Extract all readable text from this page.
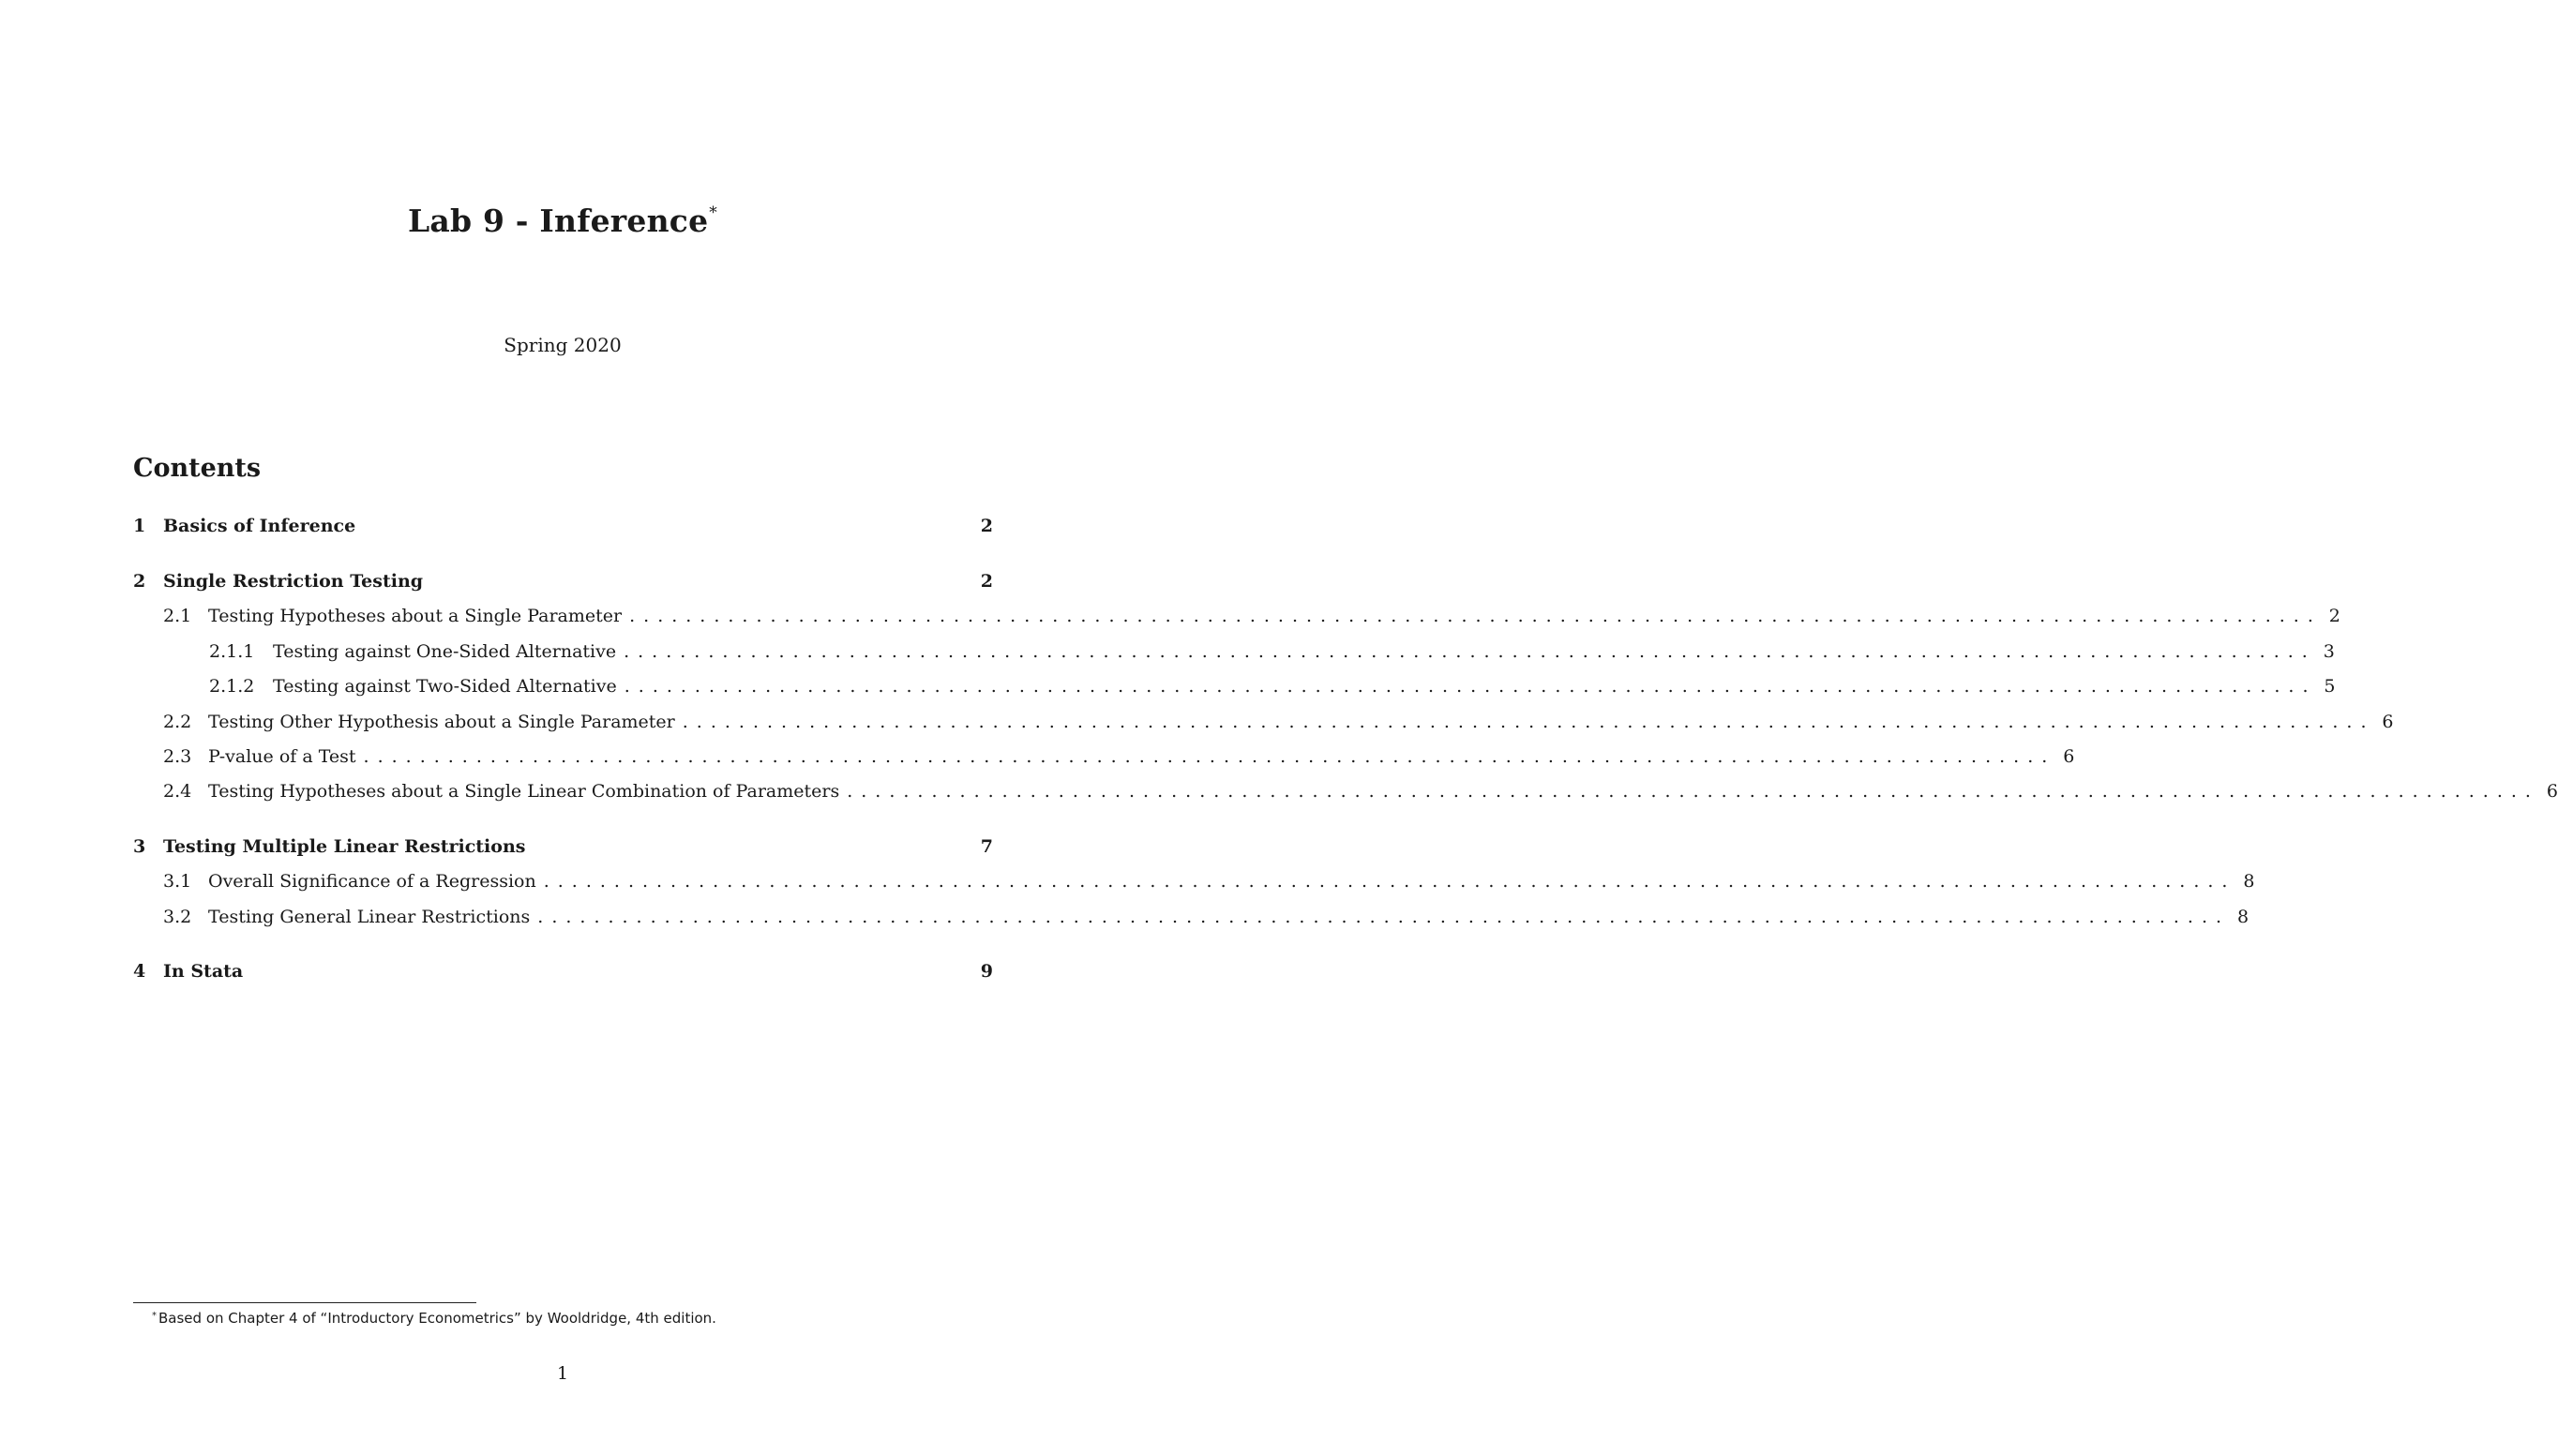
Lab 9 - Inference*
Spring 2020
Contents
1 Basics of Inference	2
2 Single Restriction Testing	2
2.1 Testing Hypotheses about a Single Parameter ........................................................................................................................ 2
2.1.1	Testing against One-Sided Alternative ........................................................................................................................ 3
2.1.2	Testing against Two-Sided Alternative ........................................................................................................................ 5
2.2 Testing Other Hypothesis about a Single Parameter ........................................................................................................................ 6
2.3 P-value of a Test ........................................................................................................................ 6
2.4 Testing Hypotheses about a Single Linear Combination of Parameters ........................................................................................................................ 6
3 Testing Multiple Linear Restrictions	7
3.1 Overall Significance of a Regression ........................................................................................................................ 8
3.2 Testing General Linear Restrictions ........................................................................................................................ 8
4 In Stata	9
* Based on Chapter 4 of “Introductory Econometrics” by Wooldridge, 4th edition.
1
